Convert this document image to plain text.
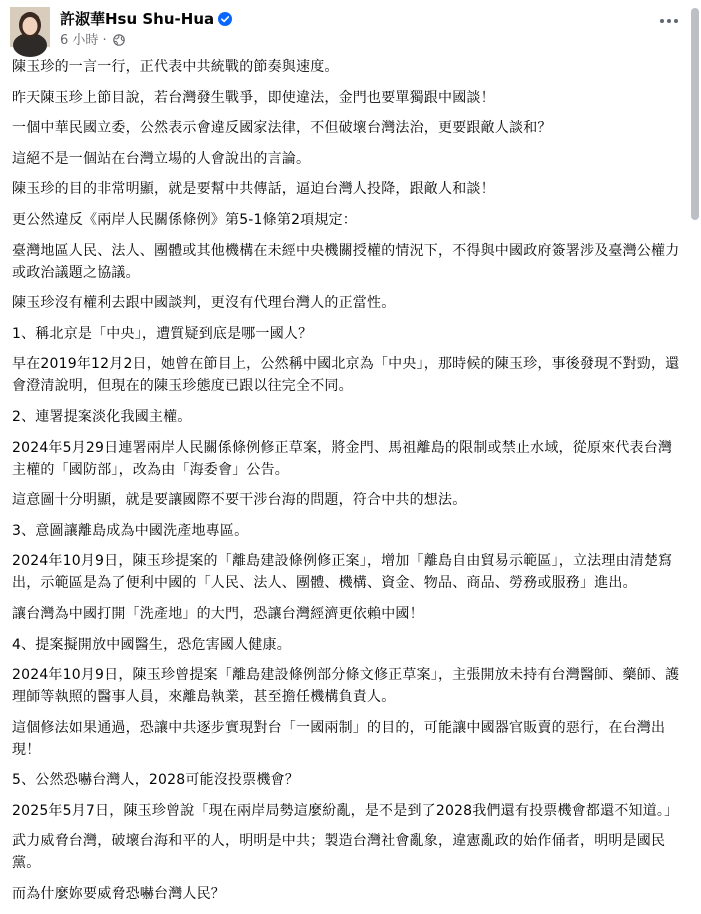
許淑華Hsu Shu-Hua
6 小時 ·

陳玉珍的一言一行，正代表中共統戰的節奏與速度。

昨天陳玉珍上節目說，若台灣發生戰爭，即使違法，金門也要單獨跟中國談！

一個中華民國立委，公然表示會違反國家法律，不但破壞台灣法治，更要跟敵人談和？

這絕不是一個站在台灣立場的人會說出的言論。

陳玉珍的目的非常明顯，就是要幫中共傳話，逼迫台灣人投降，跟敵人和談！

更公然違反《兩岸人民關係條例》第5-1條第2項規定：

臺灣地區人民、法人、團體或其他機構在未經中央機關授權的情況下，不得與中國政府簽署涉及臺灣公權力或政治議題之協議。

陳玉珍沒有權利去跟中國談判，更沒有代理台灣人的正當性。

1、稱北京是「中央」，遭質疑到底是哪一國人？

早在2019年12月2日，她曾在節目上，公然稱中國北京為「中央」，那時候的陳玉珍，事後發現不對勁，還會澄清說明，但現在的陳玉珍態度已跟以往完全不同。

2、連署提案淡化我國主權。

2024年5月29日連署兩岸人民關係條例修正草案，將金門、馬祖離島的限制或禁止水域，從原來代表台灣主權的「國防部」，改為由「海委會」公告。

這意圖十分明顯，就是要讓國際不要干涉台海的問題，符合中共的想法。

3、意圖讓離島成為中國洗產地專區。

2024年10月9日，陳玉珍提案的「離島建設條例修正案」，增加「離島自由貿易示範區」，立法理由清楚寫出，示範區是為了便利中國的「人民、法人、團體、機構、資金、物品、商品、勞務或服務」進出。

讓台灣為中國打開「洗產地」的大門，恐讓台灣經濟更依賴中國！

4、提案擬開放中國醫生，恐危害國人健康。

2024年10月9日，陳玉珍曾提案「離島建設條例部分條文修正草案」，主張開放未持有台灣醫師、藥師、護理師等執照的醫事人員，來離島執業，甚至擔任機構負責人。

這個修法如果通過，恐讓中共逐步實現對台「一國兩制」的目的，可能讓中國器官販賣的惡行，在台灣出現！

5、公然恐嚇台灣人，2028可能沒投票機會？

2025年5月7日，陳玉珍曾說「現在兩岸局勢這麼紛亂，是不是到了2028我們還有投票機會都還不知道。」

武力威脅台灣，破壞台海和平的人，明明是中共；製造台灣社會亂象，違憲亂政的始作俑者，明明是國民黨。

而為什麼妳要威脅恐嚇台灣人民？
